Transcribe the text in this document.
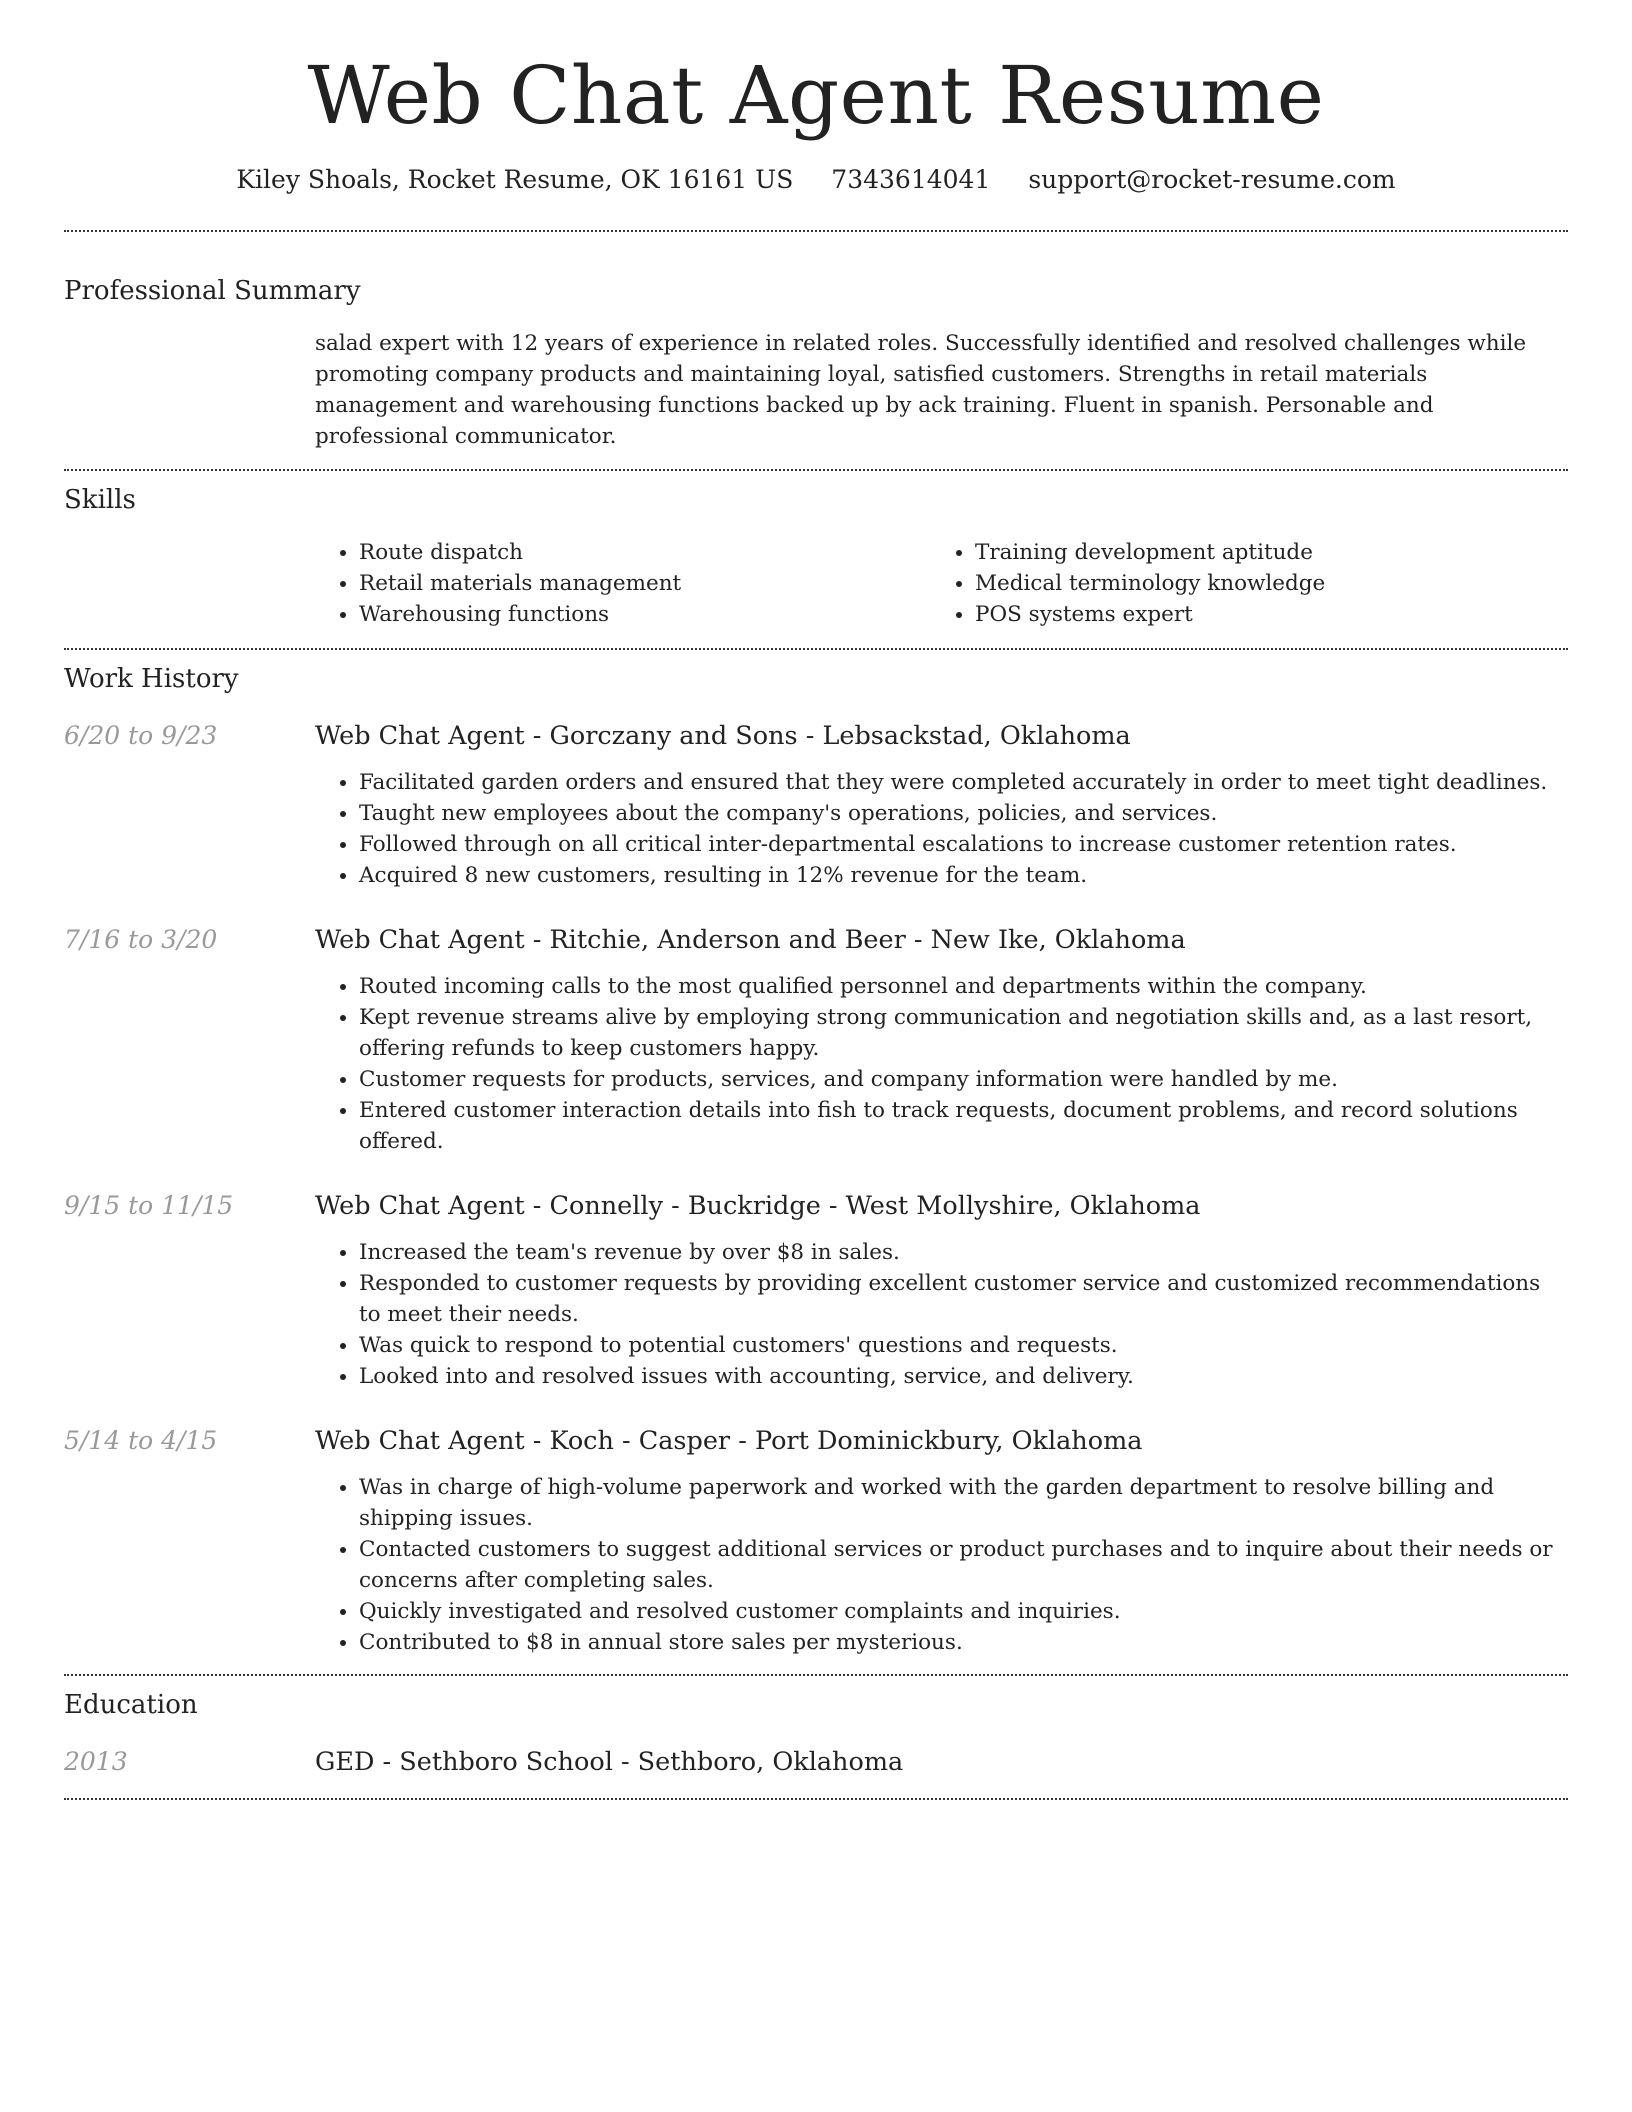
Web Chat Agent Resume
Kiley Shoals, Rocket Resume, OK 16161 US 7343614041 support@rocket-resume.com
Professional Summary
salad expert with 12 years of experience in related roles. Successfully identified and resolved challenges while promoting company products and maintaining loyal, satisfied customers. Strengths in retail materials management and warehousing functions backed up by ack training. Fluent in spanish. Personable and professional communicator.
Skills
• Route dispatch
• Retail materials management
• Warehousing functions
• Training development aptitude
• Medical terminology knowledge
• POS systems expert
Work History
6/20 to 9/23	Web Chat Agent - Gorczany and Sons - Lebsackstad, Oklahoma
• Facilitated garden orders and ensured that they were completed accurately in order to meet tight deadlines.
• Taught new employees about the company's operations, policies, and services.
• Followed through on all critical inter-departmental escalations to increase customer retention rates.
• Acquired 8 new customers, resulting in 12% revenue for the team.
7/16 to 3/20	Web Chat Agent - Ritchie, Anderson and Beer - New Ike, Oklahoma
• Routed incoming calls to the most qualified personnel and departments within the company.
• Kept revenue streams alive by employing strong communication and negotiation skills and, as a last resort, offering refunds to keep customers happy.
• Customer requests for products, services, and company information were handled by me.
• Entered customer interaction details into fish to track requests, document problems, and record solutions offered.
9/15 to 11/15	Web Chat Agent - Connelly - Buckridge - West Mollyshire, Oklahoma
• Increased the team's revenue by over $8 in sales.
• Responded to customer requests by providing excellent customer service and customized recommendations to meet their needs.
• Was quick to respond to potential customers' questions and requests.
• Looked into and resolved issues with accounting, service, and delivery.
5/14 to 4/15	Web Chat Agent - Koch - Casper - Port Dominickbury, Oklahoma
• Was in charge of high-volume paperwork and worked with the garden department to resolve billing and shipping issues.
• Contacted customers to suggest additional services or product purchases and to inquire about their needs or concerns after completing sales.
• Quickly investigated and resolved customer complaints and inquiries.
• Contributed to $8 in annual store sales per mysterious.
Education
2013	GED - Sethboro School - Sethboro, Oklahoma
